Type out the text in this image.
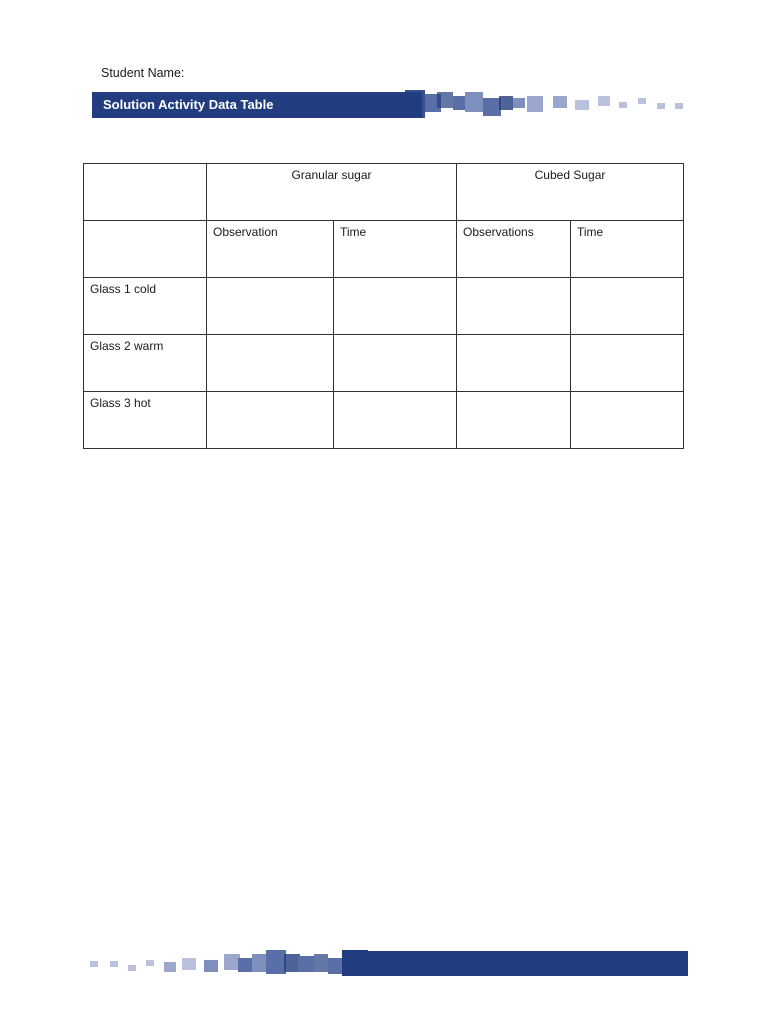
Student Name:
Solution Activity Data Table
	Granular sugar		Cubed Sugar	
	Observation	Time	Observations	Time
Glass 1 cold				
Glass 2 warm				
Glass 3 hot				
